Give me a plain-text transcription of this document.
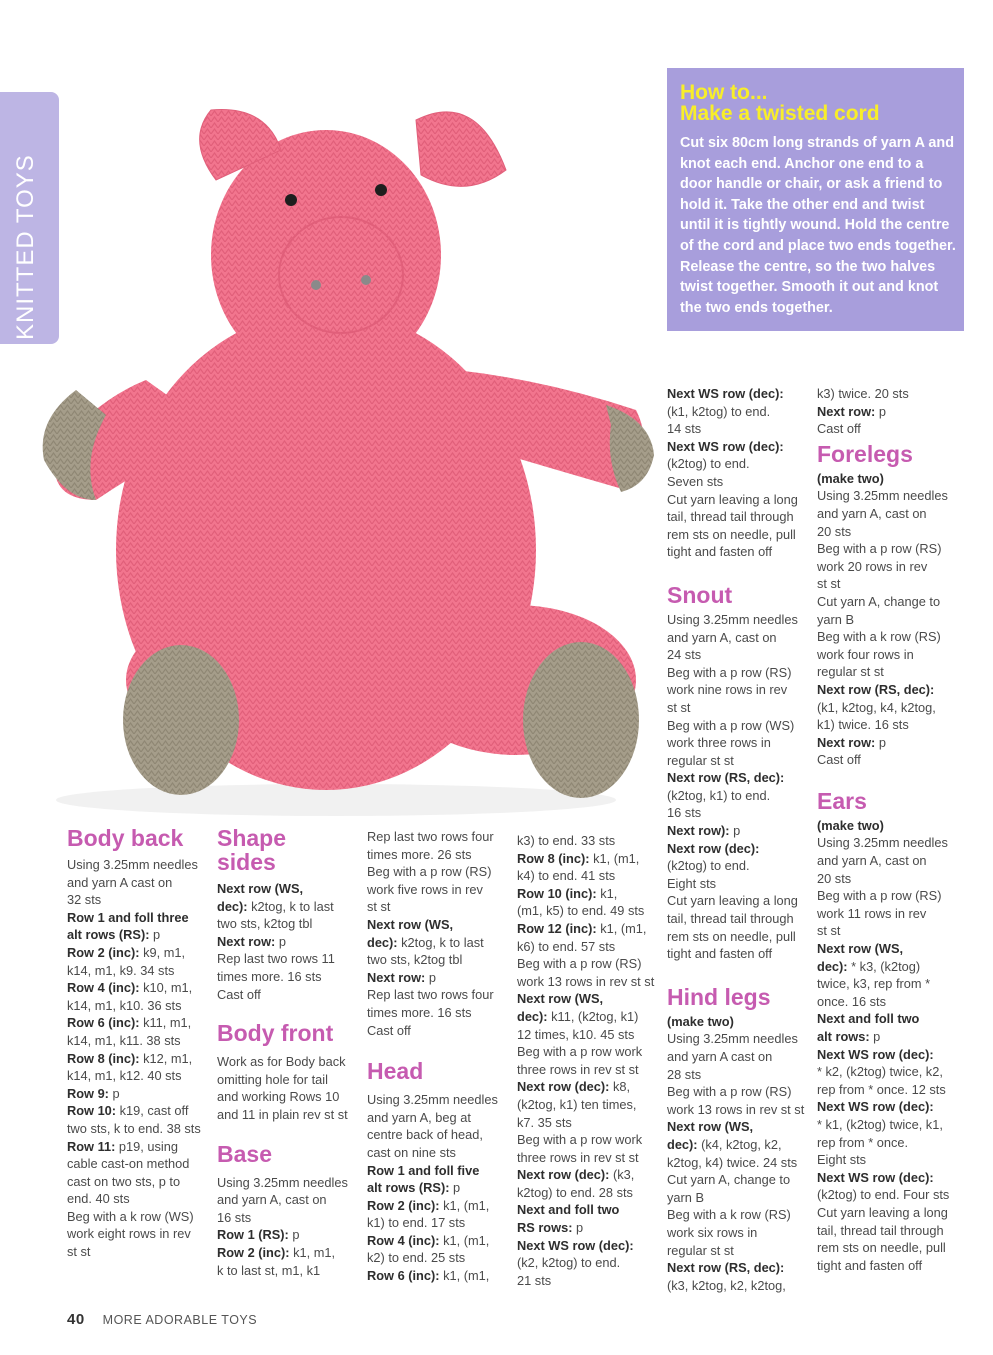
KNITTED TOYS
How to...
Make a twisted cord

Cut six 80cm long strands of yarn A and knot each end. Anchor one end to a door handle or chair, or ask a friend to hold it. Take the other end and twist until it is tightly wound. Hold the centre of the cord and place two ends together. Release the centre, so the two halves twist together. Smooth it out and knot the two ends together.

Body back

Using 3.25mm needles

and yarn A cast on

32 sts

Row 1 and foll three

alt rows (RS): p

Row 2 (inc): k9, m1,

k14, m1, k9. 34 sts

Row 4 (inc): k10, m1,

k14, m1, k10. 36 sts

Row 6 (inc): k11, m1,

k14, m1, k11. 38 sts

Row 8 (inc): k12, m1,

k14, m1, k12. 40 sts

Row 9: p

Row 10: k19, cast off

two sts, k to end. 38 sts

Row 11: p19, using

cable cast-on method

cast on two sts, p to

end. 40 sts

Beg with a k row (WS)

work eight rows in rev

st st

Shape

sides

Next row (WS,

dec): k2tog, k to last

two sts, k2tog tbl

Next row: p

Rep last two rows 11

times more. 16 sts

Cast off

Body front

Work as for Body back

omitting hole for tail

and working Rows 10

and 11 in plain rev st st

Base

Using 3.25mm needles

and yarn A, cast on

16 sts

Row 1 (RS): p

Row 2 (inc): k1, m1,

k to last st, m1, k1

Rep last two rows four

times more. 26 sts

Beg with a p row (RS)

work five rows in rev

st st

Next row (WS,

dec): k2tog, k to last

two sts, k2tog tbl

Next row: p

Rep last two rows four

times more. 16 sts

Cast off

Head

Using 3.25mm needles

and yarn A, beg at

centre back of head,

cast on nine sts

Row 1 and foll five

alt rows (RS): p

Row 2 (inc): k1, (m1,

k1) to end. 17 sts

Row 4 (inc): k1, (m1,

k2) to end. 25 sts

Row 6 (inc): k1, (m1,

k3) to end. 33 sts

Row 8 (inc): k1, (m1,

k4) to end. 41 sts

Row 10 (inc): k1,

(m1, k5) to end. 49 sts

Row 12 (inc): k1, (m1,

k6) to end. 57 sts

Beg with a p row (RS)

work 13 rows in rev st st

Next row (WS,

dec): k11, (k2tog, k1)

12 times, k10. 45 sts

Beg with a p row work

three rows in rev st st

Next row (dec): k8,

(k2tog, k1) ten times,

k7. 35 sts

Beg with a p row work

three rows in rev st st

Next row (dec): (k3,

k2tog) to end. 28 sts

Next and foll two

RS rows: p

Next WS row (dec):

(k2, k2tog) to end.

21 sts

Next WS row (dec):

(k1, k2tog) to end.

14 sts

Next WS row (dec):

(k2tog) to end.

Seven sts

Cut yarn leaving a long

tail, thread tail through

rem sts on needle, pull

tight and fasten off

Snout

Using 3.25mm needles

and yarn A, cast on

24 sts

Beg with a p row (RS)

work nine rows in rev

st st

Beg with a p row (WS)

work three rows in

regular st st

Next row (RS, dec):

(k2tog, k1) to end.

16 sts

Next row): p

Next row (dec):

(k2tog) to end.

Eight sts

Cut yarn leaving a long

tail, thread tail through

rem sts on needle, pull

tight and fasten off

Hind legs

(make two)

Using 3.25mm needles

and yarn A cast on

28 sts

Beg with a p row (RS)

work 13 rows in rev st st

Next row (WS,

dec): (k4, k2tog, k2,

k2tog, k4) twice. 24 sts

Cut yarn A, change to

yarn B

Beg with a k row (RS)

work six rows in

regular st st

Next row (RS, dec):

(k3, k2tog, k2, k2tog,

k3) twice. 20 sts

Next row: p

Cast off

Forelegs

(make two)

Using 3.25mm needles

and yarn A, cast on

20 sts

Beg with a p row (RS)

work 20 rows in rev

st st

Cut yarn A, change to

yarn B

Beg with a k row (RS)

work four rows in

regular st st

Next row (RS, dec):

(k1, k2tog, k4, k2tog,

k1) twice. 16 sts

Next row: p

Cast off

Ears

(make two)

Using 3.25mm needles

and yarn A, cast on

20 sts

Beg with a p row (RS)

work 11 rows in rev

st st

Next row (WS,

dec): * k3, (k2tog)

twice, k3, rep from *

once. 16 sts

Next and foll two

alt rows: p

Next WS row (dec):

* k2, (k2tog) twice, k2,

rep from * once. 12 sts

Next WS row (dec):

* k1, (k2tog) twice, k1,

rep from * once.

Eight sts

Next WS row (dec):

(k2tog) to end. Four sts

Cut yarn leaving a long

tail, thread tail through

rem sts on needle, pull

tight and fasten off

40 MORE ADORABLE TOYS
